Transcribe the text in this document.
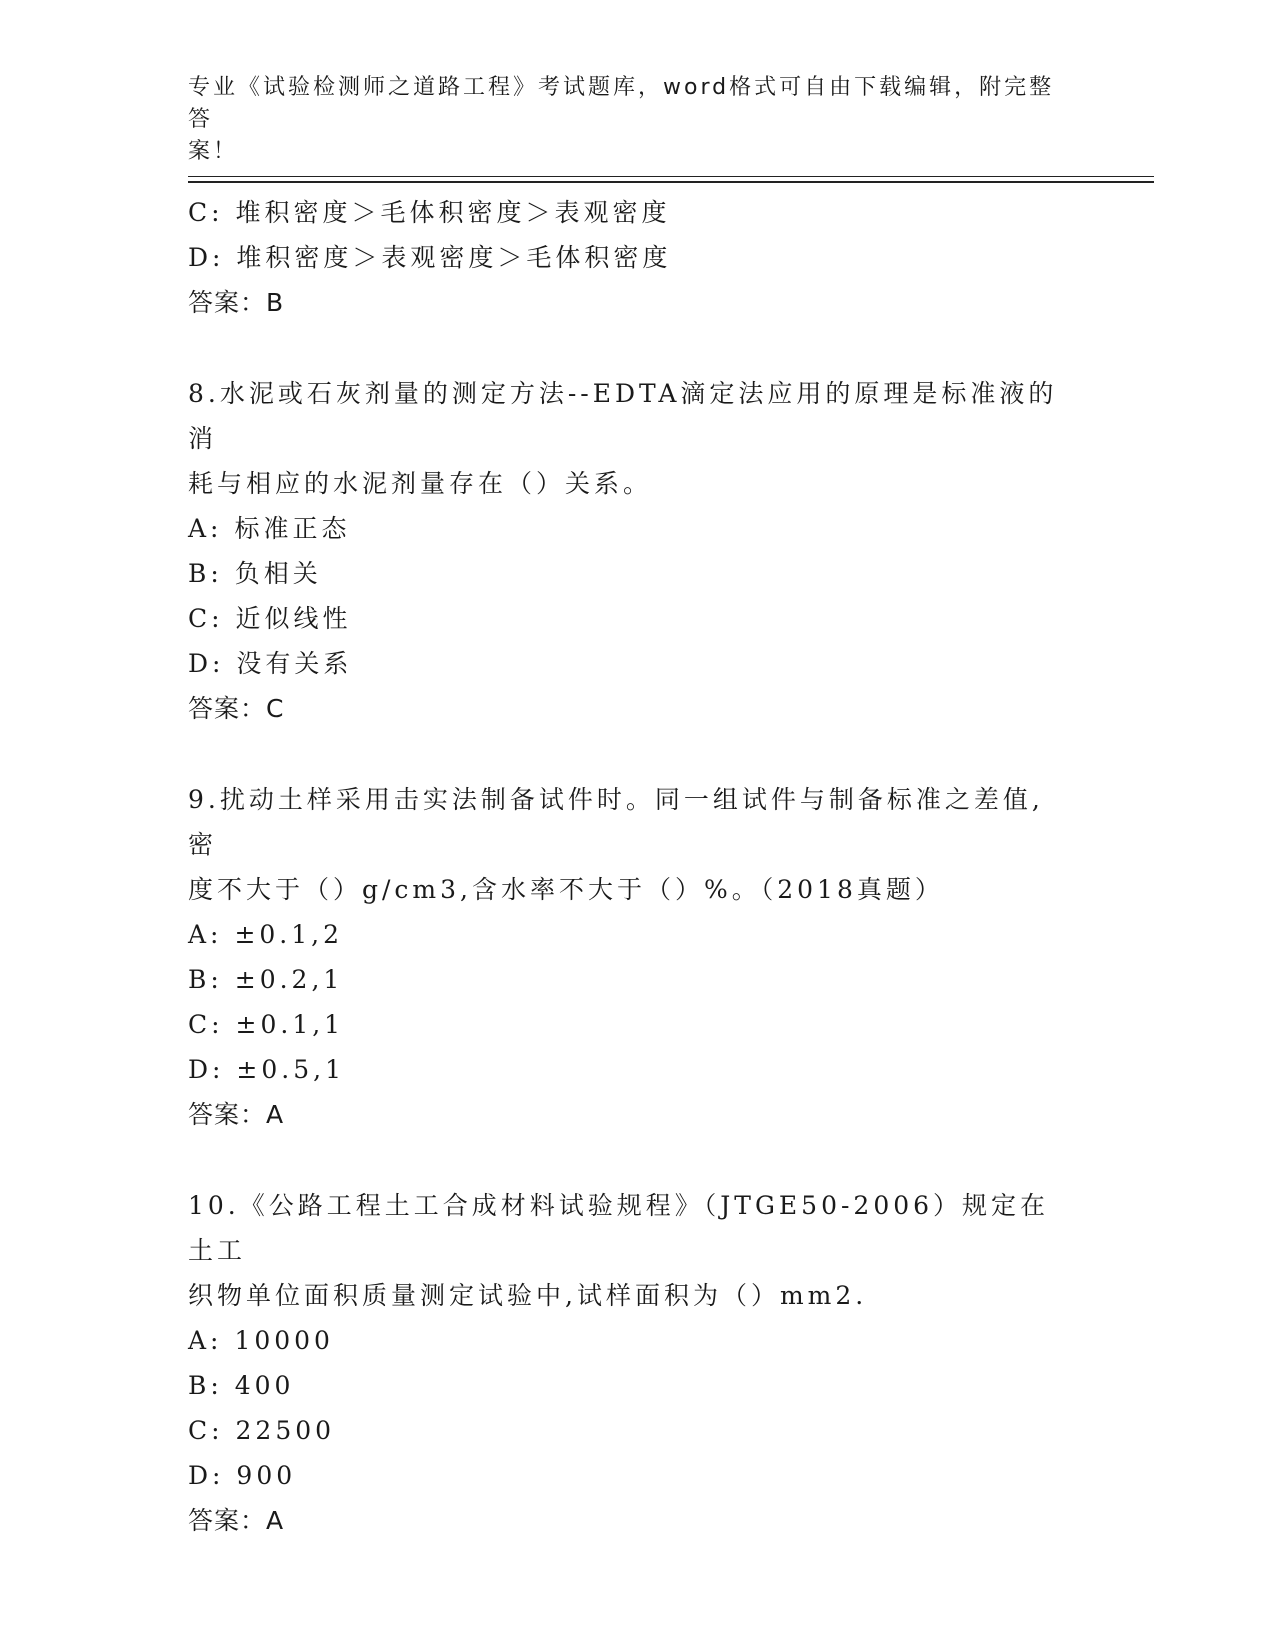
专业《试验检测师之道路工程》考试题库，word格式可自由下载编辑，附完整答
案！
C: 堆积密度＞毛体积密度＞表观密度
D: 堆积密度＞表观密度＞毛体积密度
答案：B
8.水泥或石灰剂量的测定方法--EDTA滴定法应用的原理是标准液的消
耗与相应的水泥剂量存在（）关系。
A: 标准正态
B: 负相关
C: 近似线性
D: 没有关系
答案：C
9.扰动土样采用击实法制备试件时。同一组试件与制备标准之差值,密
度不大于（）g/cm3,含水率不大于（）%。（2018真题）
A: ±0.1,2
B: ±0.2,1
C: ±0.1,1
D: ±0.5,1
答案：A
10.《公路工程土工合成材料试验规程》（JTGE50-2006）规定在土工
织物单位面积质量测定试验中,试样面积为（）mm2.
A: 10000
B: 400
C: 22500
D: 900
答案：A
